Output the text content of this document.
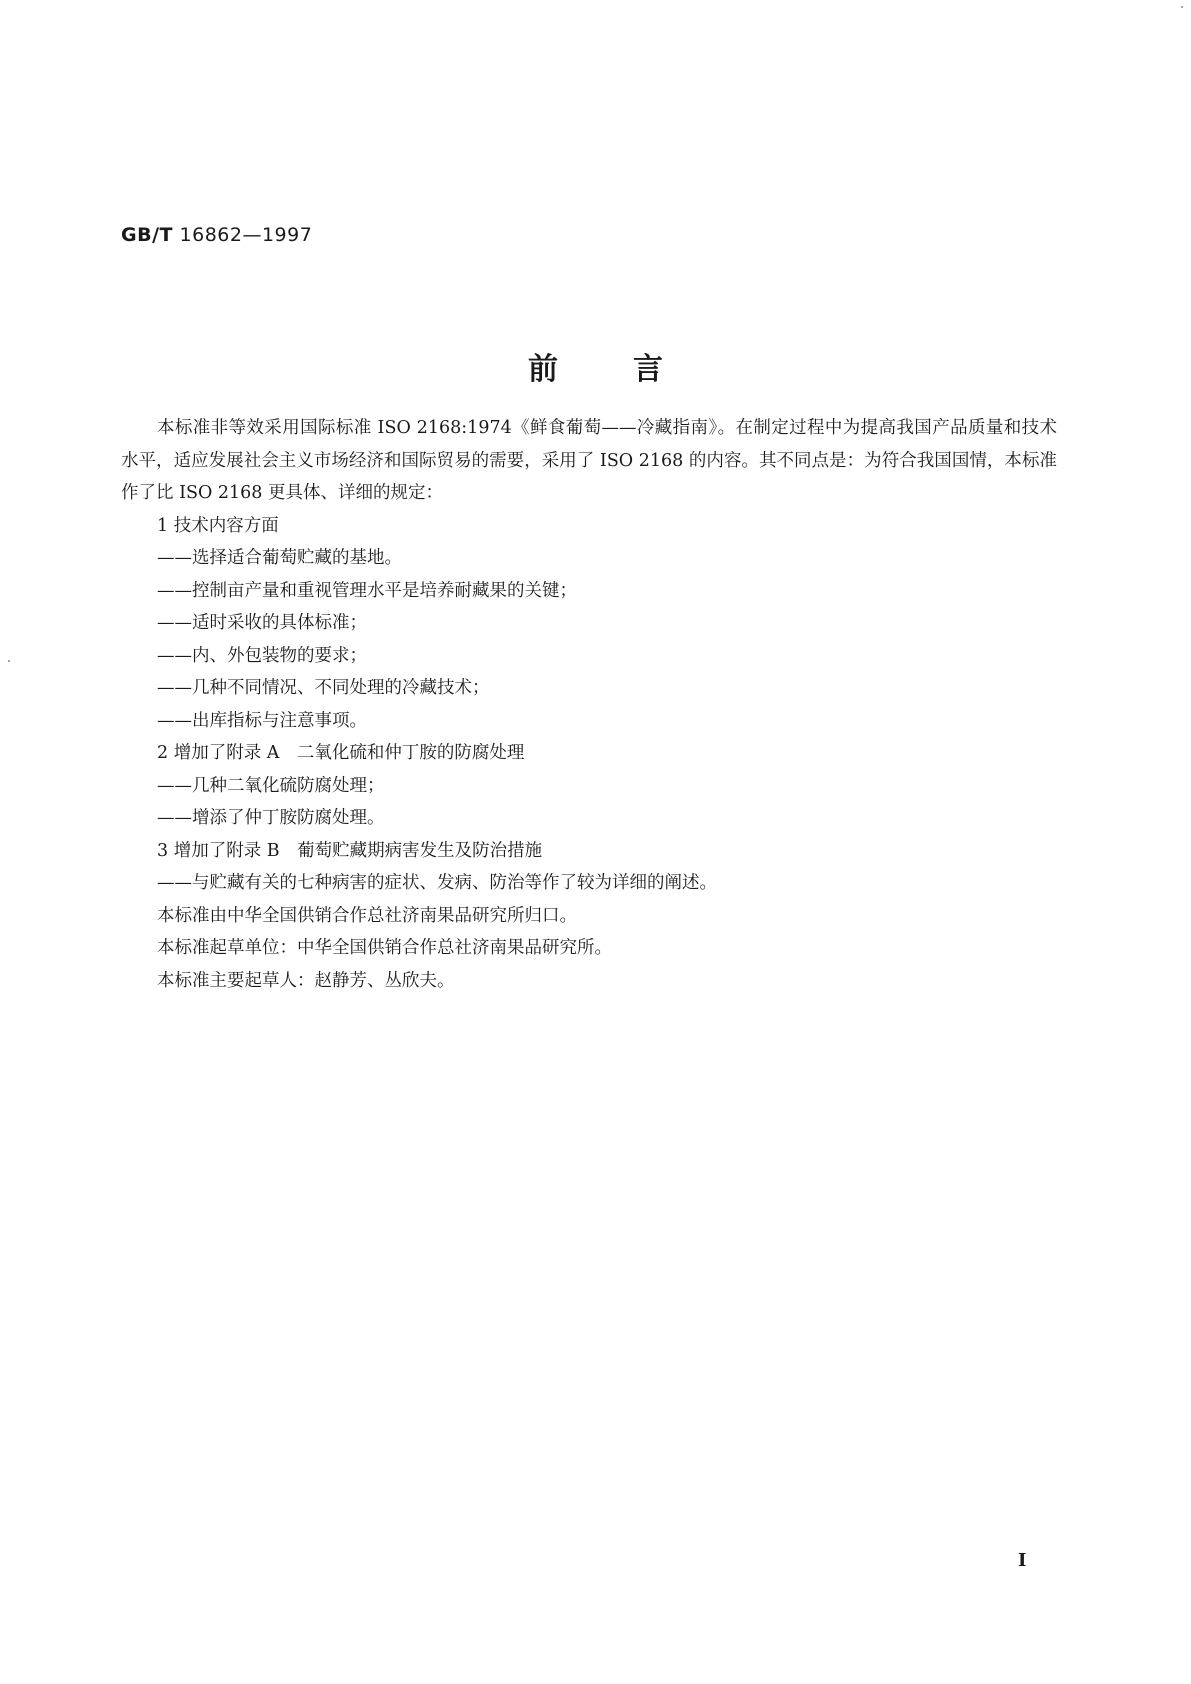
GB/T 16862—1997
前言
本标准非等效采用国际标准 ISO 2168:1974《鲜食葡萄——冷藏指南》。在制定过程中为提高我国产品质量和技术水平，适应发展社会主义市场经济和国际贸易的需要，采用了 ISO 2168 的内容。其不同点是：为符合我国国情，本标准作了比 ISO 2168 更具体、详细的规定：
1 技术内容方面
——选择适合葡萄贮藏的基地。
——控制亩产量和重视管理水平是培养耐藏果的关键；
——适时采收的具体标准；
——内、外包装物的要求；
——几种不同情况、不同处理的冷藏技术；
——出库指标与注意事项。
2 增加了附录 A　二氧化硫和仲丁胺的防腐处理
——几种二氧化硫防腐处理；
——增添了仲丁胺防腐处理。
3 增加了附录 B　葡萄贮藏期病害发生及防治措施
——与贮藏有关的七种病害的症状、发病、防治等作了较为详细的阐述。
本标准由中华全国供销合作总社济南果品研究所归口。
本标准起草单位：中华全国供销合作总社济南果品研究所。
本标准主要起草人：赵静芳、丛欣夫。
Ⅰ
